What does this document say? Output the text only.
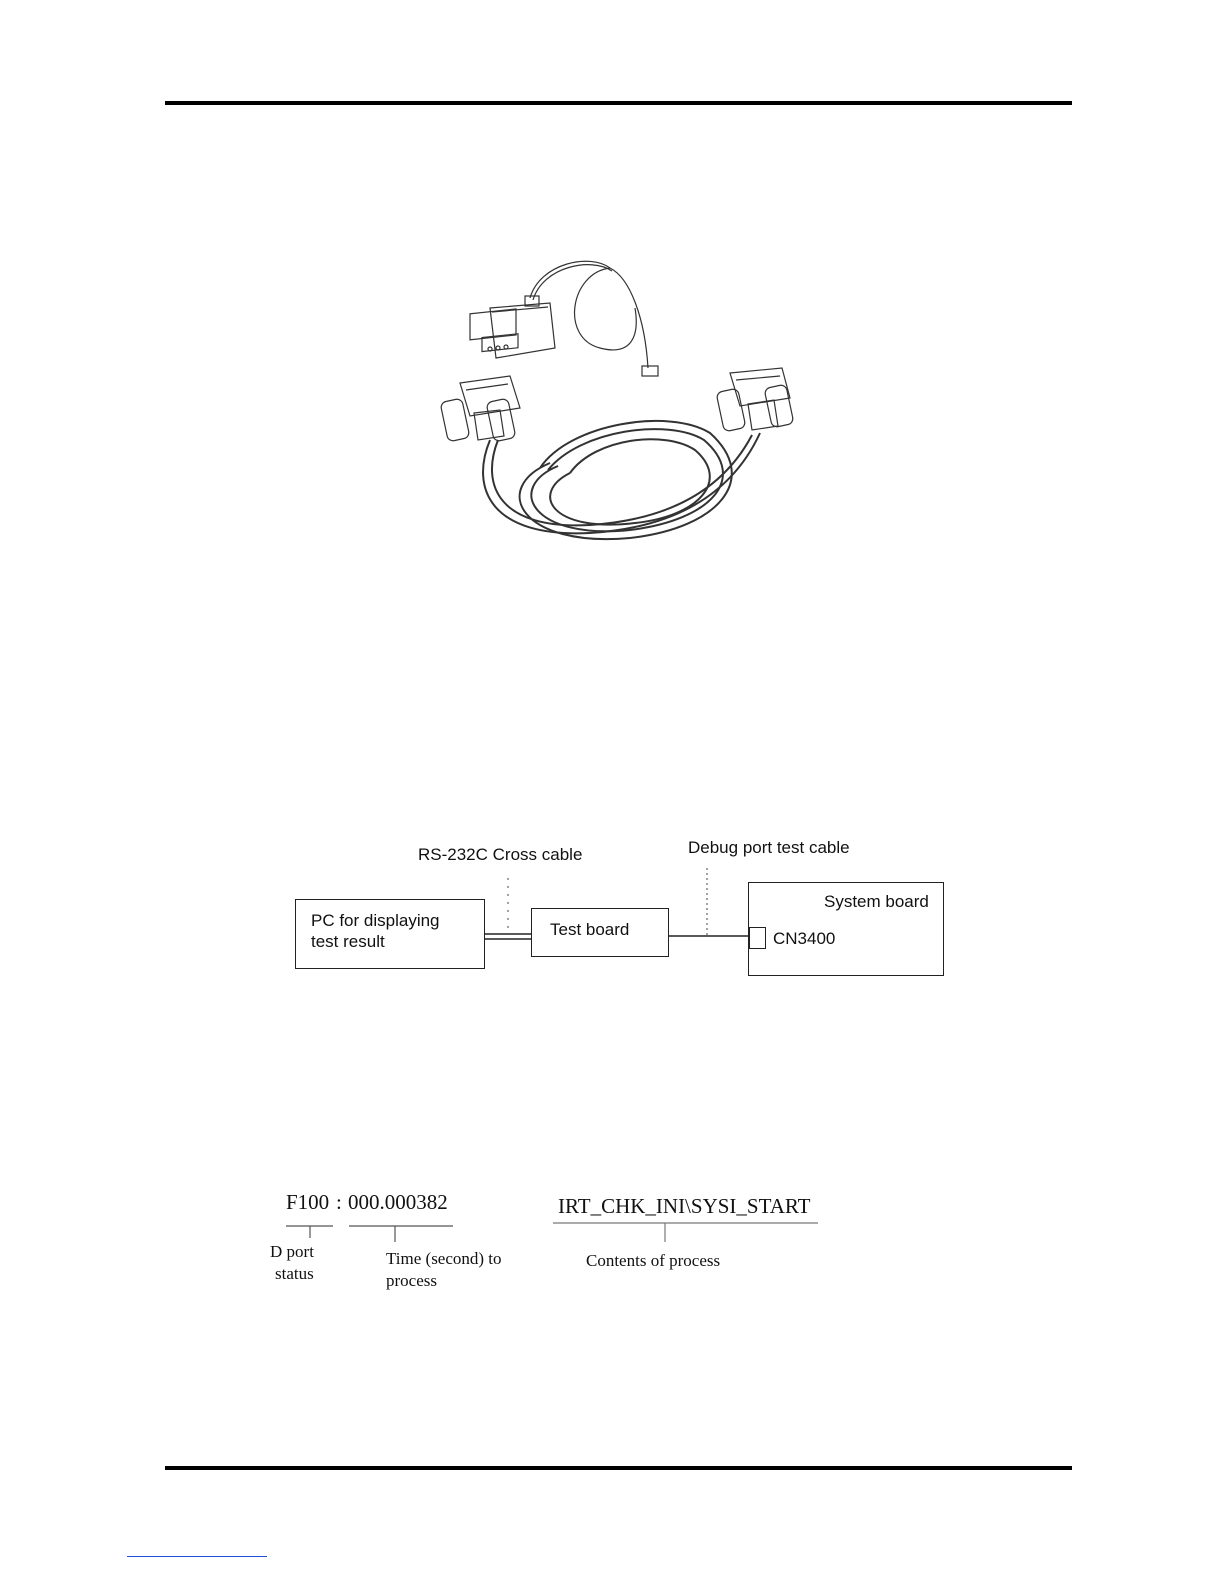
RS-232C Cross cable	Debug port test cable
PC for displaying
test result
Test board
System board
CN3400
F100 : 000.000382	IRT_CHK_INI\SYSI_START
D port
status
Time (second) to
process
Contents of process
